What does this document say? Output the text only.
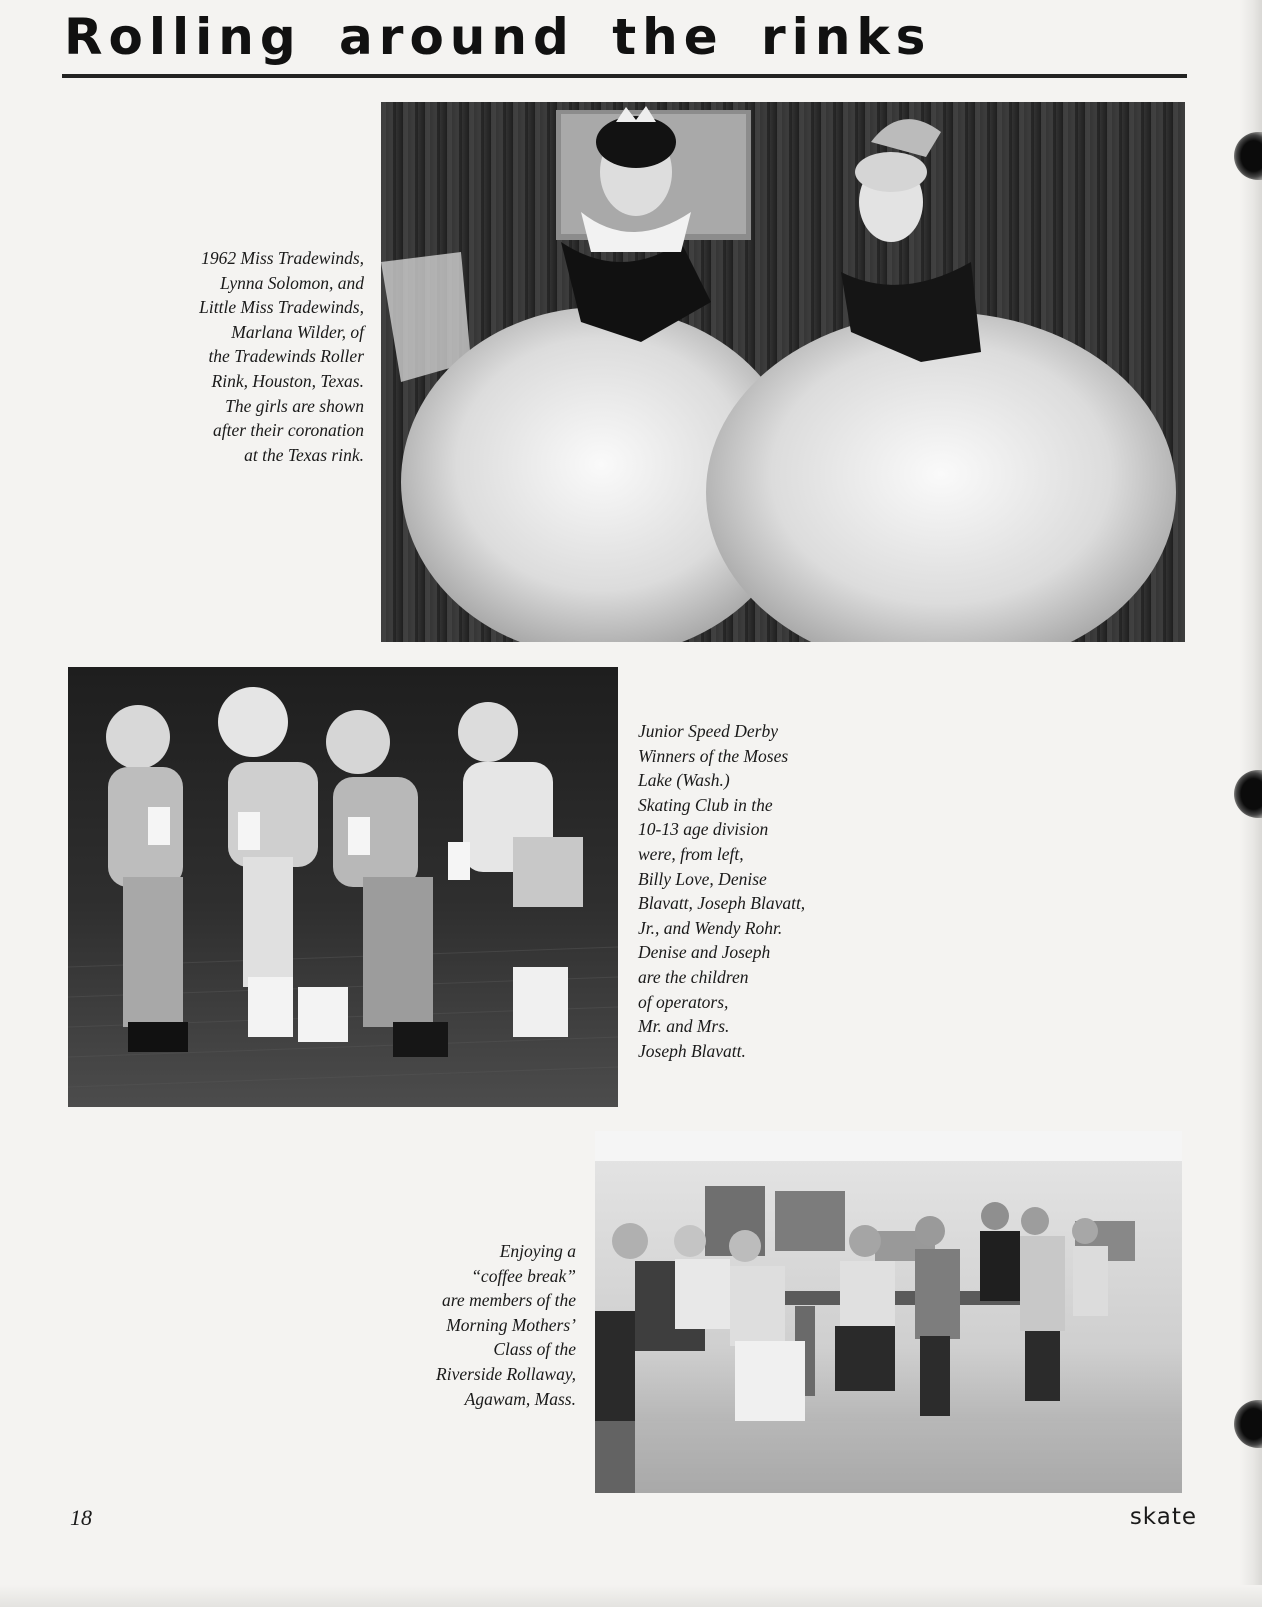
Rolling around the rinks
1962 Miss Tradewinds,
Lynna Solomon, and
Little Miss Tradewinds,
Marlana Wilder, of
the Tradewinds Roller
Rink, Houston, Texas.
The girls are shown
after their coronation
at the Texas rink.
Junior Speed Derby
Winners of the Moses
Lake (Wash.)
Skating Club in the
10-13 age division
were, from left,
Billy Love, Denise
Blavatt, Joseph Blavatt,
Jr., and Wendy Rohr.
Denise and Joseph
are the children
of operators,
Mr. and Mrs.
Joseph Blavatt.
Enjoying a
“coffee break”
are members of the
Morning Mothers’
Class of the
Riverside Rollaway,
Agawam, Mass.

18	skate
